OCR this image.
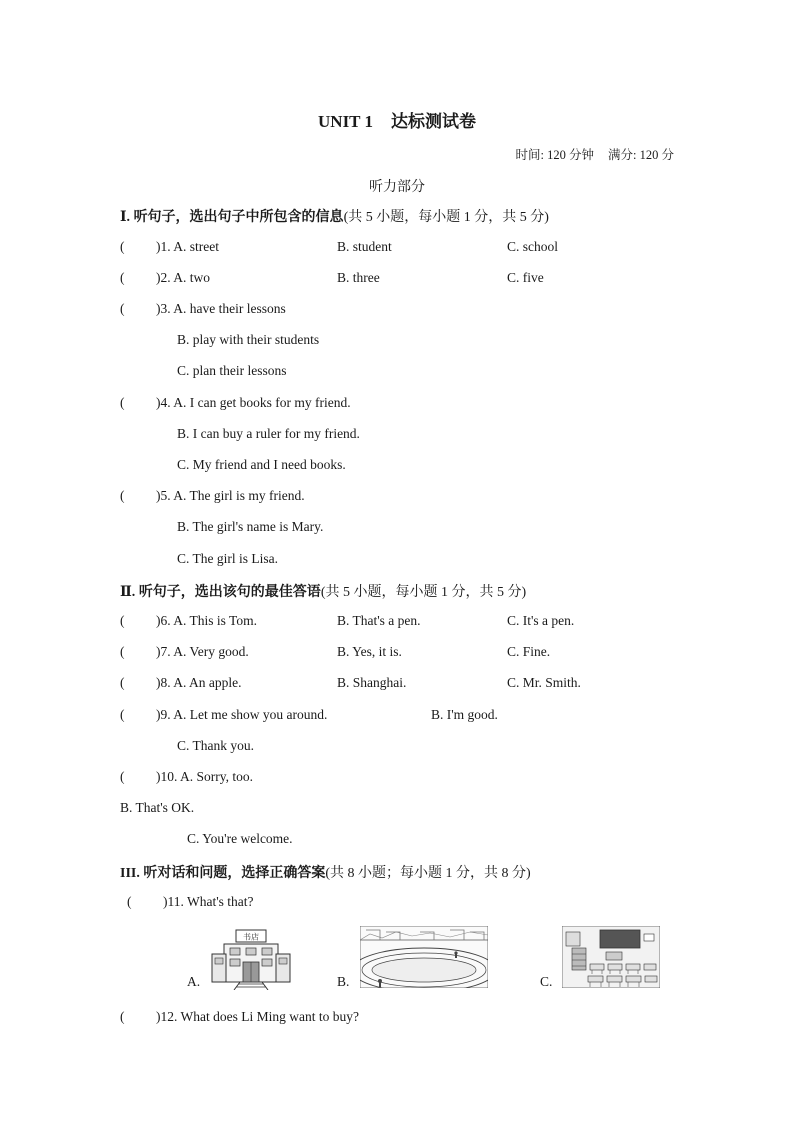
UNIT 1 达标测试卷
时间: 120 分钟 满分: 120 分
听力部分
Ⅰ. 听句子，选出句子中所包含的信息(共 5 小题，每小题 1 分，共 5 分)
( )1. A. street	B. student	C. school
( )2. A. two	B. three	C. five
( )3. A. have their lessons
B. play with their students
C. plan their lessons
( )4. A. I can get books for my friend.
B. I can buy a ruler for my friend.
C. My friend and I need books.
( )5. A. The girl is my friend.
B. The girl's name is Mary.
C. The girl is Lisa.
Ⅱ. 听句子，选出该句的最佳答语(共 5 小题，每小题 1 分，共 5 分)
( )6. A. This is Tom.	B. That's a pen.	C. It's a pen.
( )7. A. Very good.	B. Yes, it is.	C. Fine.
( )8. A. An apple.	B. Shanghai.	C. Mr. Smith.
( )9. A. Let me show you around.	B. I'm good.
C. Thank you.
( )10. A. Sorry, too.
B. That's OK.
C. You're welcome.
III. 听对话和问题，选择正确答案(共 8 小题；每小题 1 分，共 8 分)
( )11. What's that?
A.
书店
B.	C.
( )12. What does Li Ming want to buy?
